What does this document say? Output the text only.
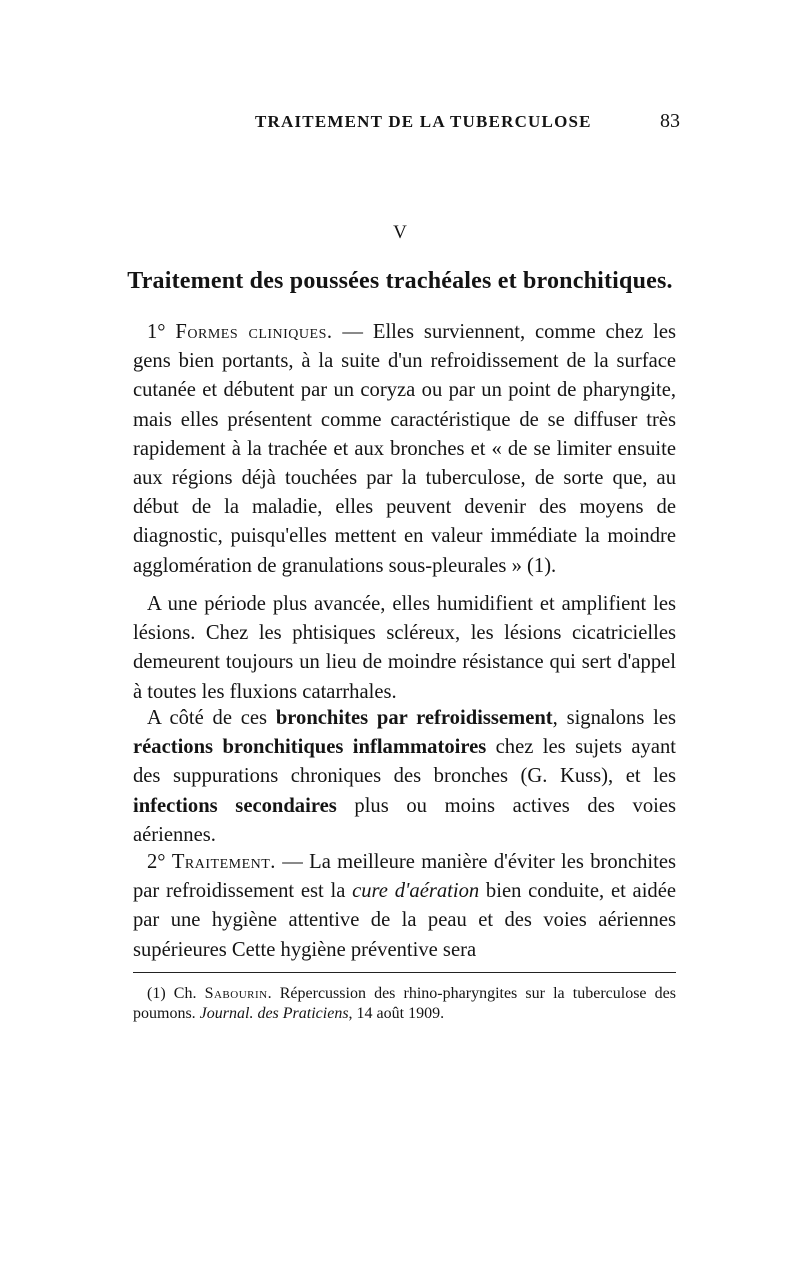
TRAITEMENT DE LA TUBERCULOSE	83
V
Traitement des poussées trachéales et bronchitiques.

1° Formes cliniques. — Elles surviennent, comme chez les gens bien portants, à la suite d'un refroidissement de la surface cutanée et débutent par un coryza ou par un point de pharyngite, mais elles présentent comme caractéristique de se diffuser très rapidement à la trachée et aux bronches et « de se limiter ensuite aux régions déjà touchées par la tuberculose, de sorte que, au début de la maladie, elles peuvent devenir des moyens de diagnostic, puisqu'elles mettent en valeur immédiate la moindre agglomération de granulations sous-pleurales » (1).

A une période plus avancée, elles humidifient et amplifient les lésions. Chez les phtisiques scléreux, les lésions cicatricielles demeurent toujours un lieu de moindre résistance qui sert d'appel à toutes les fluxions catarrhales.

A côté de ces bronchites par refroidissement, signalons les réactions bronchitiques inflammatoires chez les sujets ayant des suppurations chroniques des bronches (G. Kuss), et les infections secondaires plus ou moins actives des voies aériennes.

2° Traitement. — La meilleure manière d'éviter les bronchites par refroidissement est la cure d'aération bien conduite, et aidée par une hygiène attentive de la peau et des voies aériennes supérieures Cette hygiène préventive sera

(1) Ch. Sabourin. Répercussion des rhino-pharyngites sur la tuberculose des poumons. Journal. des Praticiens, 14 août 1909.
